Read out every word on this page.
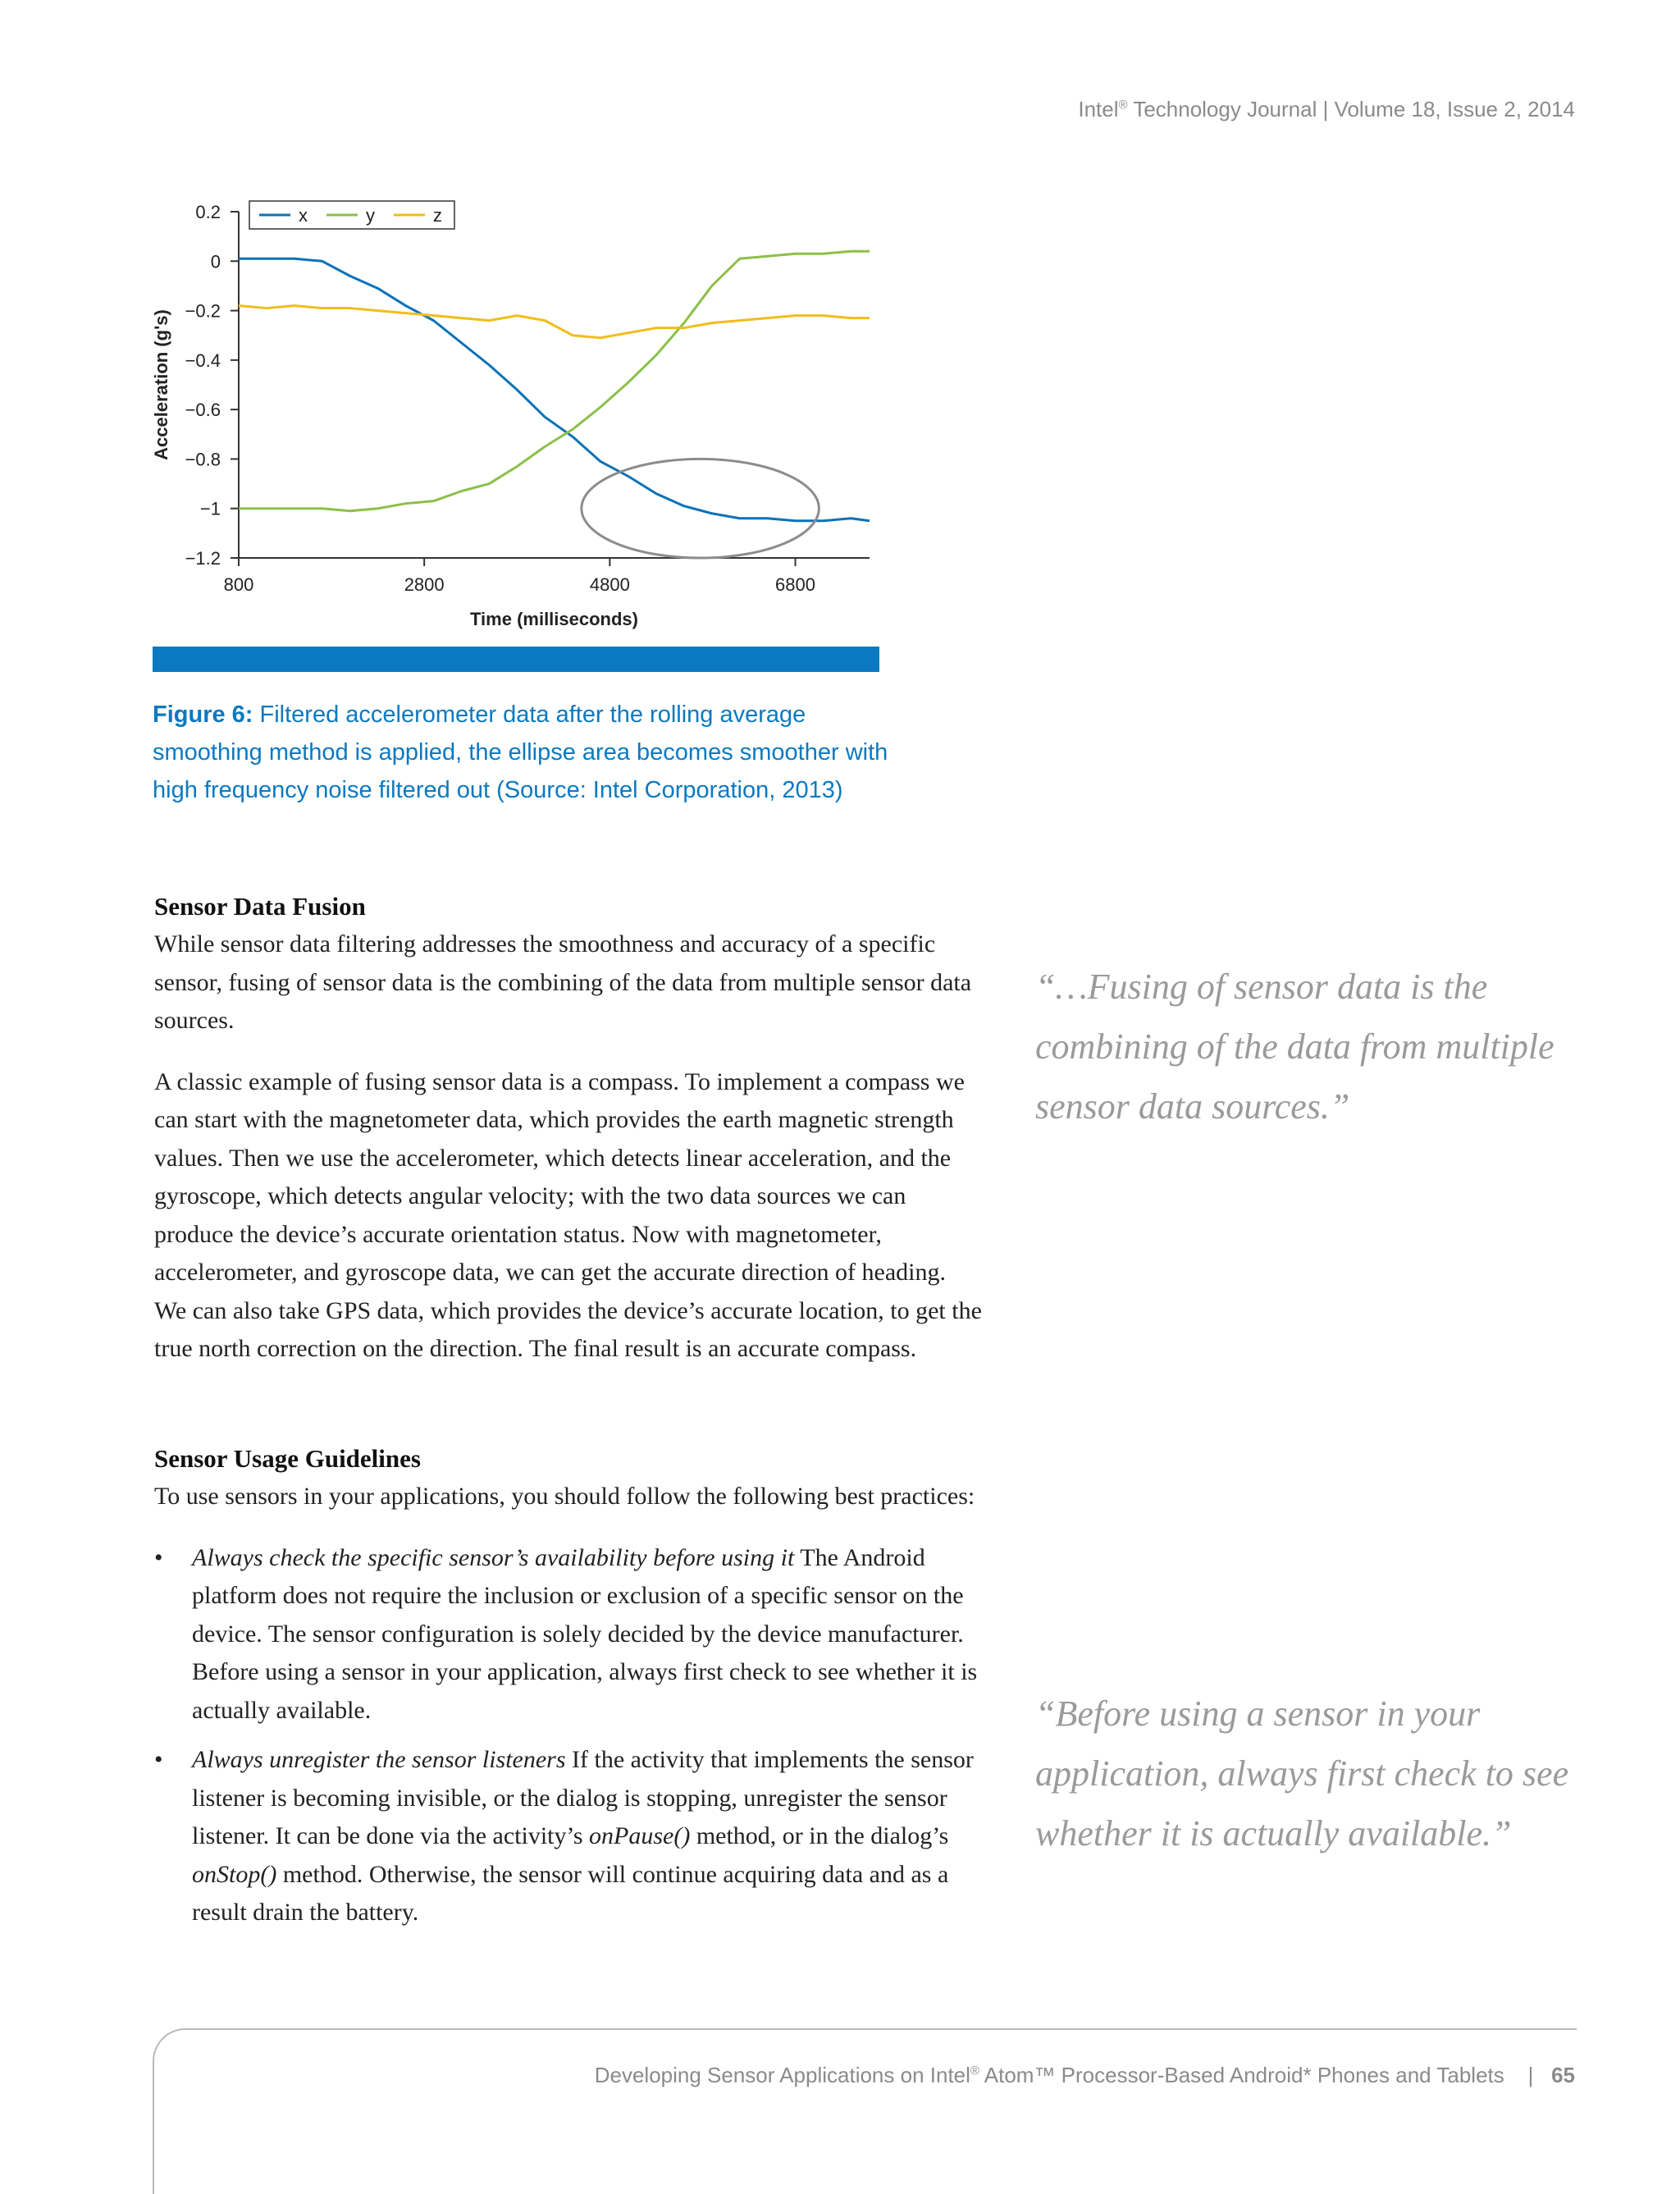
Intel® Technology Journal | Volume 18, Issue 2, 2014
0.2
0
−0.2
−0.4
−0.6
−0.8
−1
−1.2
800	2800	4800	6800
Time (milliseconds)
Acceleration (g's)
x	y	z
Figure 6: Filtered accelerometer data after the rolling average smoothing method is applied, the ellipse area becomes smoother with high frequency noise filtered out (Source: Intel Corporation, 2013)
Sensor Data Fusion

While sensor data filtering addresses the smoothness and accuracy of a specific sensor, fusing of sensor data is the combining of the data from multiple sensor data sources.

A classic example of fusing sensor data is a compass. To implement a compass we can start with the magnetometer data, which provides the earth magnetic strength values. Then we use the accelerometer, which detects linear acceleration, and the gyroscope, which detects angular velocity; with the two data sources we can produce the device’s accurate orientation status. Now with magnetometer, accelerometer, and gyroscope data, we can get the accurate direction of heading. We can also take GPS data, which provides the device’s accurate location, to get the true north correction on the direction. The final result is an accurate compass.

Sensor Usage Guidelines

To use sensors in your applications, you should follow the following best practices:

• Always check the specific sensor’s availability before using it The Android platform does not require the inclusion or exclusion of a specific sensor on the device. The sensor configuration is solely decided by the device manufacturer. Before using a sensor in your application, always first check to see whether it is actually available.
• Always unregister the sensor listeners If the activity that implements the sensor listener is becoming invisible, or the dialog is stopping, unregister the sensor listener. It can be done via the activity’s onPause() method, or in the dialog’s onStop() method. Otherwise, the sensor will continue acquiring data and as a result drain the battery.
“…Fusing of sensor data is the combining of the data from multiple sensor data sources.”
“Before using a sensor in your application, always first check to see whether it is actually available.”
Developing Sensor Applications on Intel® Atom™ Processor-Based Android* Phones and Tablets    |   65
